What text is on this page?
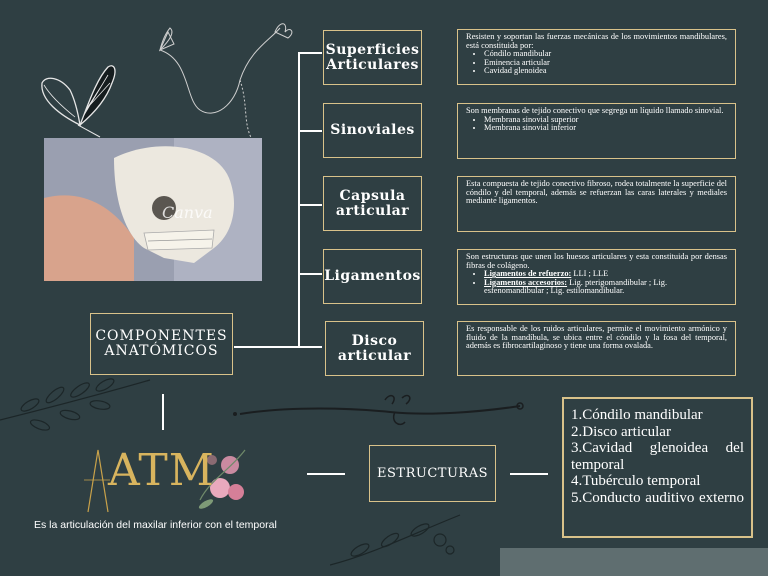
Canva
COMPONENTES ANATÓMICOS
Superficies Articulares
Sinoviales
Capsula articular
Ligamentos
Disco articular
Resisten y soportan las fuerzas mecánicas de los movimientos mandibulares, está constituida por:
• Cóndilo mandibular
• Eminencia articular
• Cavidad glenoidea
Son membranas de tejido conectivo que segrega un líquido llamado sinovial.
• Membrana sinovial superior
• Membrana sinovial inferior
Esta compuesta de tejido conectivo fibroso, rodea totalmente la superficie del cóndilo y del temporal, además se refuerzan las caras laterales y mediales mediante ligamentos.
Son estructuras que unen los huesos articulares y esta constituida por densas fibras de colágeno.
• Ligamentos de refuerzo: LLI ; LLE
• Ligamentos accesorios: Lig. pterigomandibular ; Lig. esfenomandibular ; Lig. estilomandibular.
Es responsable de los ruidos articulares, permite el movimiento armónico y fluido de la mandíbula, se ubica entre el cóndilo y la fosa del temporal, además es fibrocartilaginoso y tiene una forma ovalada.
ATM
Es la articulación del maxilar inferior con el temporal
ESTRUCTURAS
1.Cóndilo mandibular
2.Disco articular
3.Cavidad glenoidea del temporal
4.Tubérculo temporal
5.Conducto auditivo externo
